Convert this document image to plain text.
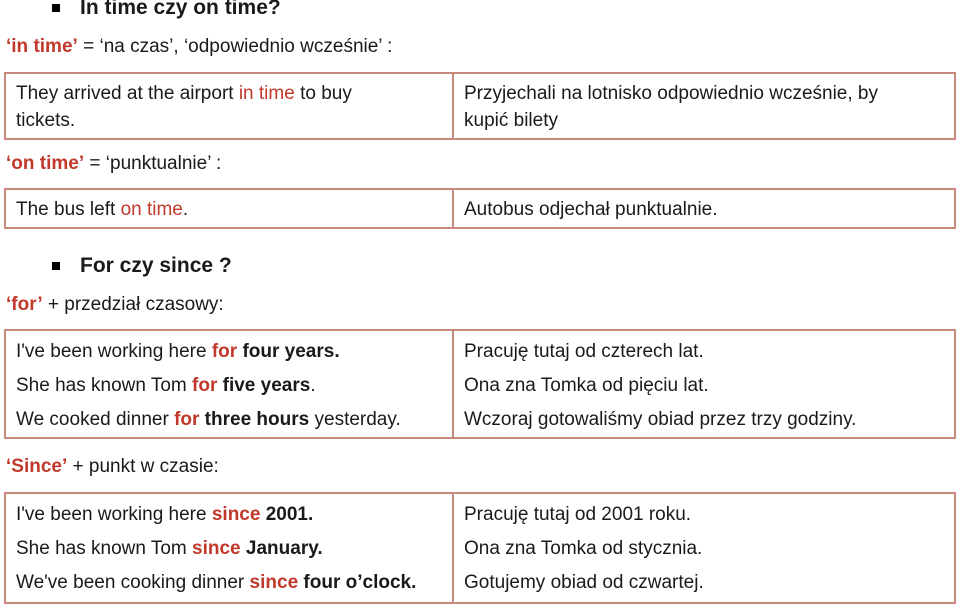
In time czy on time?
‘in time’ = ‘na czas’, ‘odpowiednio wcześnie’ :
They arrived at the airport in time to buy
tickets.
Przyjechali na lotnisko odpowiednio wcześnie, by
kupić bilety
‘on time’ = ‘punktualnie’ :
The bus left on time.	Autobus odjechał punktualnie.
For czy since ?
‘for’ + przedział czasowy:
I've been working here for four years.
She has known Tom for five years.
We cooked dinner for three hours yesterday.
Pracuję tutaj od czterech lat.
Ona zna Tomka od pięciu lat.
Wczoraj gotowaliśmy obiad przez trzy godziny.
‘Since’ + punkt w czasie:
I've been working here since 2001.
She has known Tom since January.
We've been cooking dinner since four o’clock.
Pracuję tutaj od 2001 roku.
Ona zna Tomka od stycznia.
Gotujemy obiad od czwartej.
